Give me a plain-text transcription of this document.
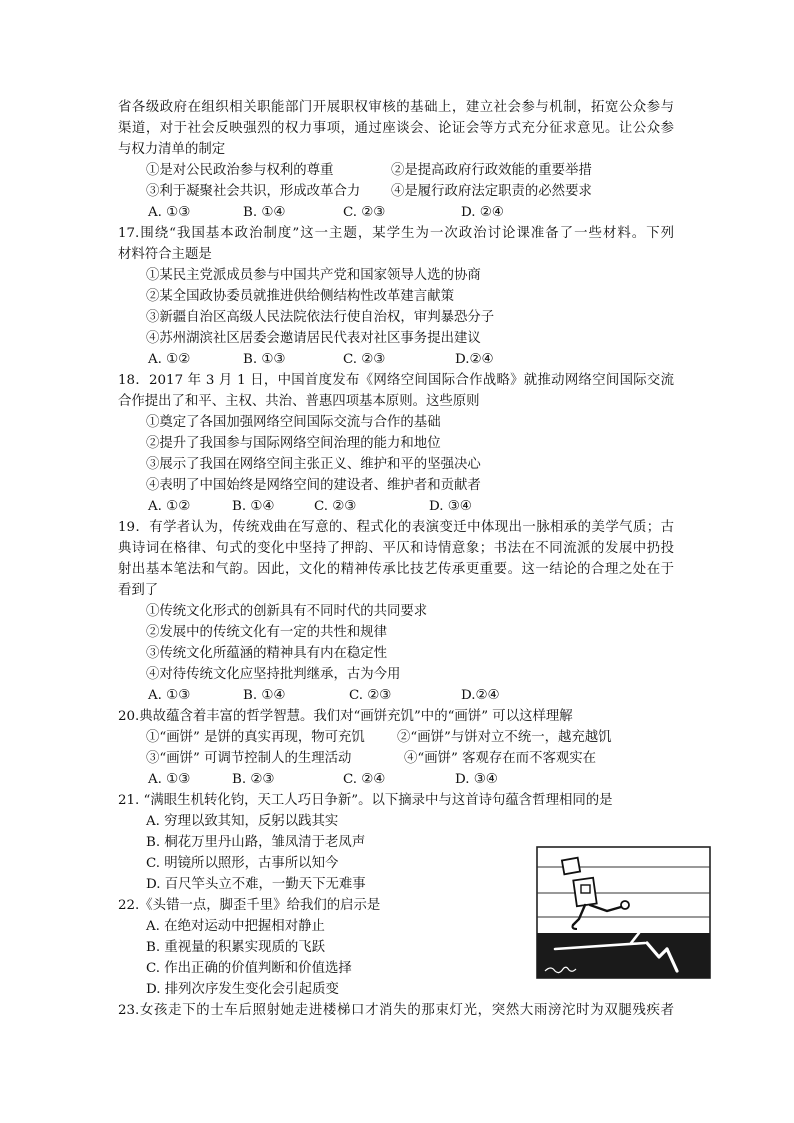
省各级政府在组织相关职能部门开展职权审核的基础上，建立社会参与机制，拓宽公众参与
渠道，对于社会反映强烈的权力事项，通过座谈会、论证会等方式充分征求意见。让公众参
与权力清单的制定
①是对公民政治参与权利的尊重	②是提高政府行政效能的重要举措
③利于凝聚社会共识，形成改革合力 ④是履行政府法定职责的必然要求
A. ①③	B. ①④	C. ②③	D. ②④
17.围绕“我国基本政治制度”这一主题，某学生为一次政治讨论课准备了一些材料。下列
材料符合主题是
①某民主党派成员参与中国共产党和国家领导人选的协商
②某全国政协委员就推进供给侧结构性改革建言献策
③新疆自治区高级人民法院依法行使自治权，审判暴恐分子
④苏州湖滨社区居委会邀请居民代表对社区事务提出建议
A. ①②	B. ①③	C. ②③	D.②④
18．2017 年 3 月 1 日，中国首度发布《网络空间国际合作战略》就推动网络空间国际交流
合作提出了和平、主权、共治、普惠四项基本原则。这些原则
①奠定了各国加强网络空间国际交流与合作的基础
②提升了我国参与国际网络空间治理的能力和地位
③展示了我国在网络空间主张正义、维护和平的坚强决心
④表明了中国始终是网络空间的建设者、维护者和贡献者
A. ①②	B. ①④	C. ②③	D. ③④
19．有学者认为，传统戏曲在写意的、程式化的表演变迁中体现出一脉相承的美学气质；古
典诗词在格律、句式的变化中坚持了押韵、平仄和诗情意象；书法在不同流派的发展中扔投
射出基本笔法和气韵。因此，文化的精神传承比技艺传承更重要。这一结论的合理之处在于
看到了
①传统文化形式的创新具有不同时代的共同要求
②发展中的传统文化有一定的共性和规律
③传统文化所蕴涵的精神具有内在稳定性
④对待传统文化应坚持批判继承，古为今用
A. ①③	B. ①④	C. ②③	D.②④
20.典故蕴含着丰富的哲学智慧。我们对“画饼充饥”中的“画饼” 可以这样理解
①“画饼” 是饼的真实再现，物可充饥 ②“画饼”与饼对立不统一，越充越饥
③“画饼” 可调节控制人的生理活动	④“画饼” 客观存在而不客观实在
A. ①③	B. ②③	C. ②④	D. ③④
21. “满眼生机转化钧，天工人巧日争新”。以下摘录中与这首诗句蕴含哲理相同的是
A. 穷理以致其知，反躬以践其实
B. 桐花万里丹山路，雏凤清于老凤声
C. 明镜所以照形，古事所以知今
D. 百尺竿头立不难，一勤天下无难事
22.《头错一点，脚歪千里》给我们的启示是
A. 在绝对运动中把握相对静止
B. 重视量的积累实现质的飞跃
C. 作出正确的价值判断和价值选择
D. 排列次序发生变化会引起质变
23.女孩走下的士车后照射她走进楼梯口才消失的那束灯光，突然大雨滂沱时为双腿残疾者
